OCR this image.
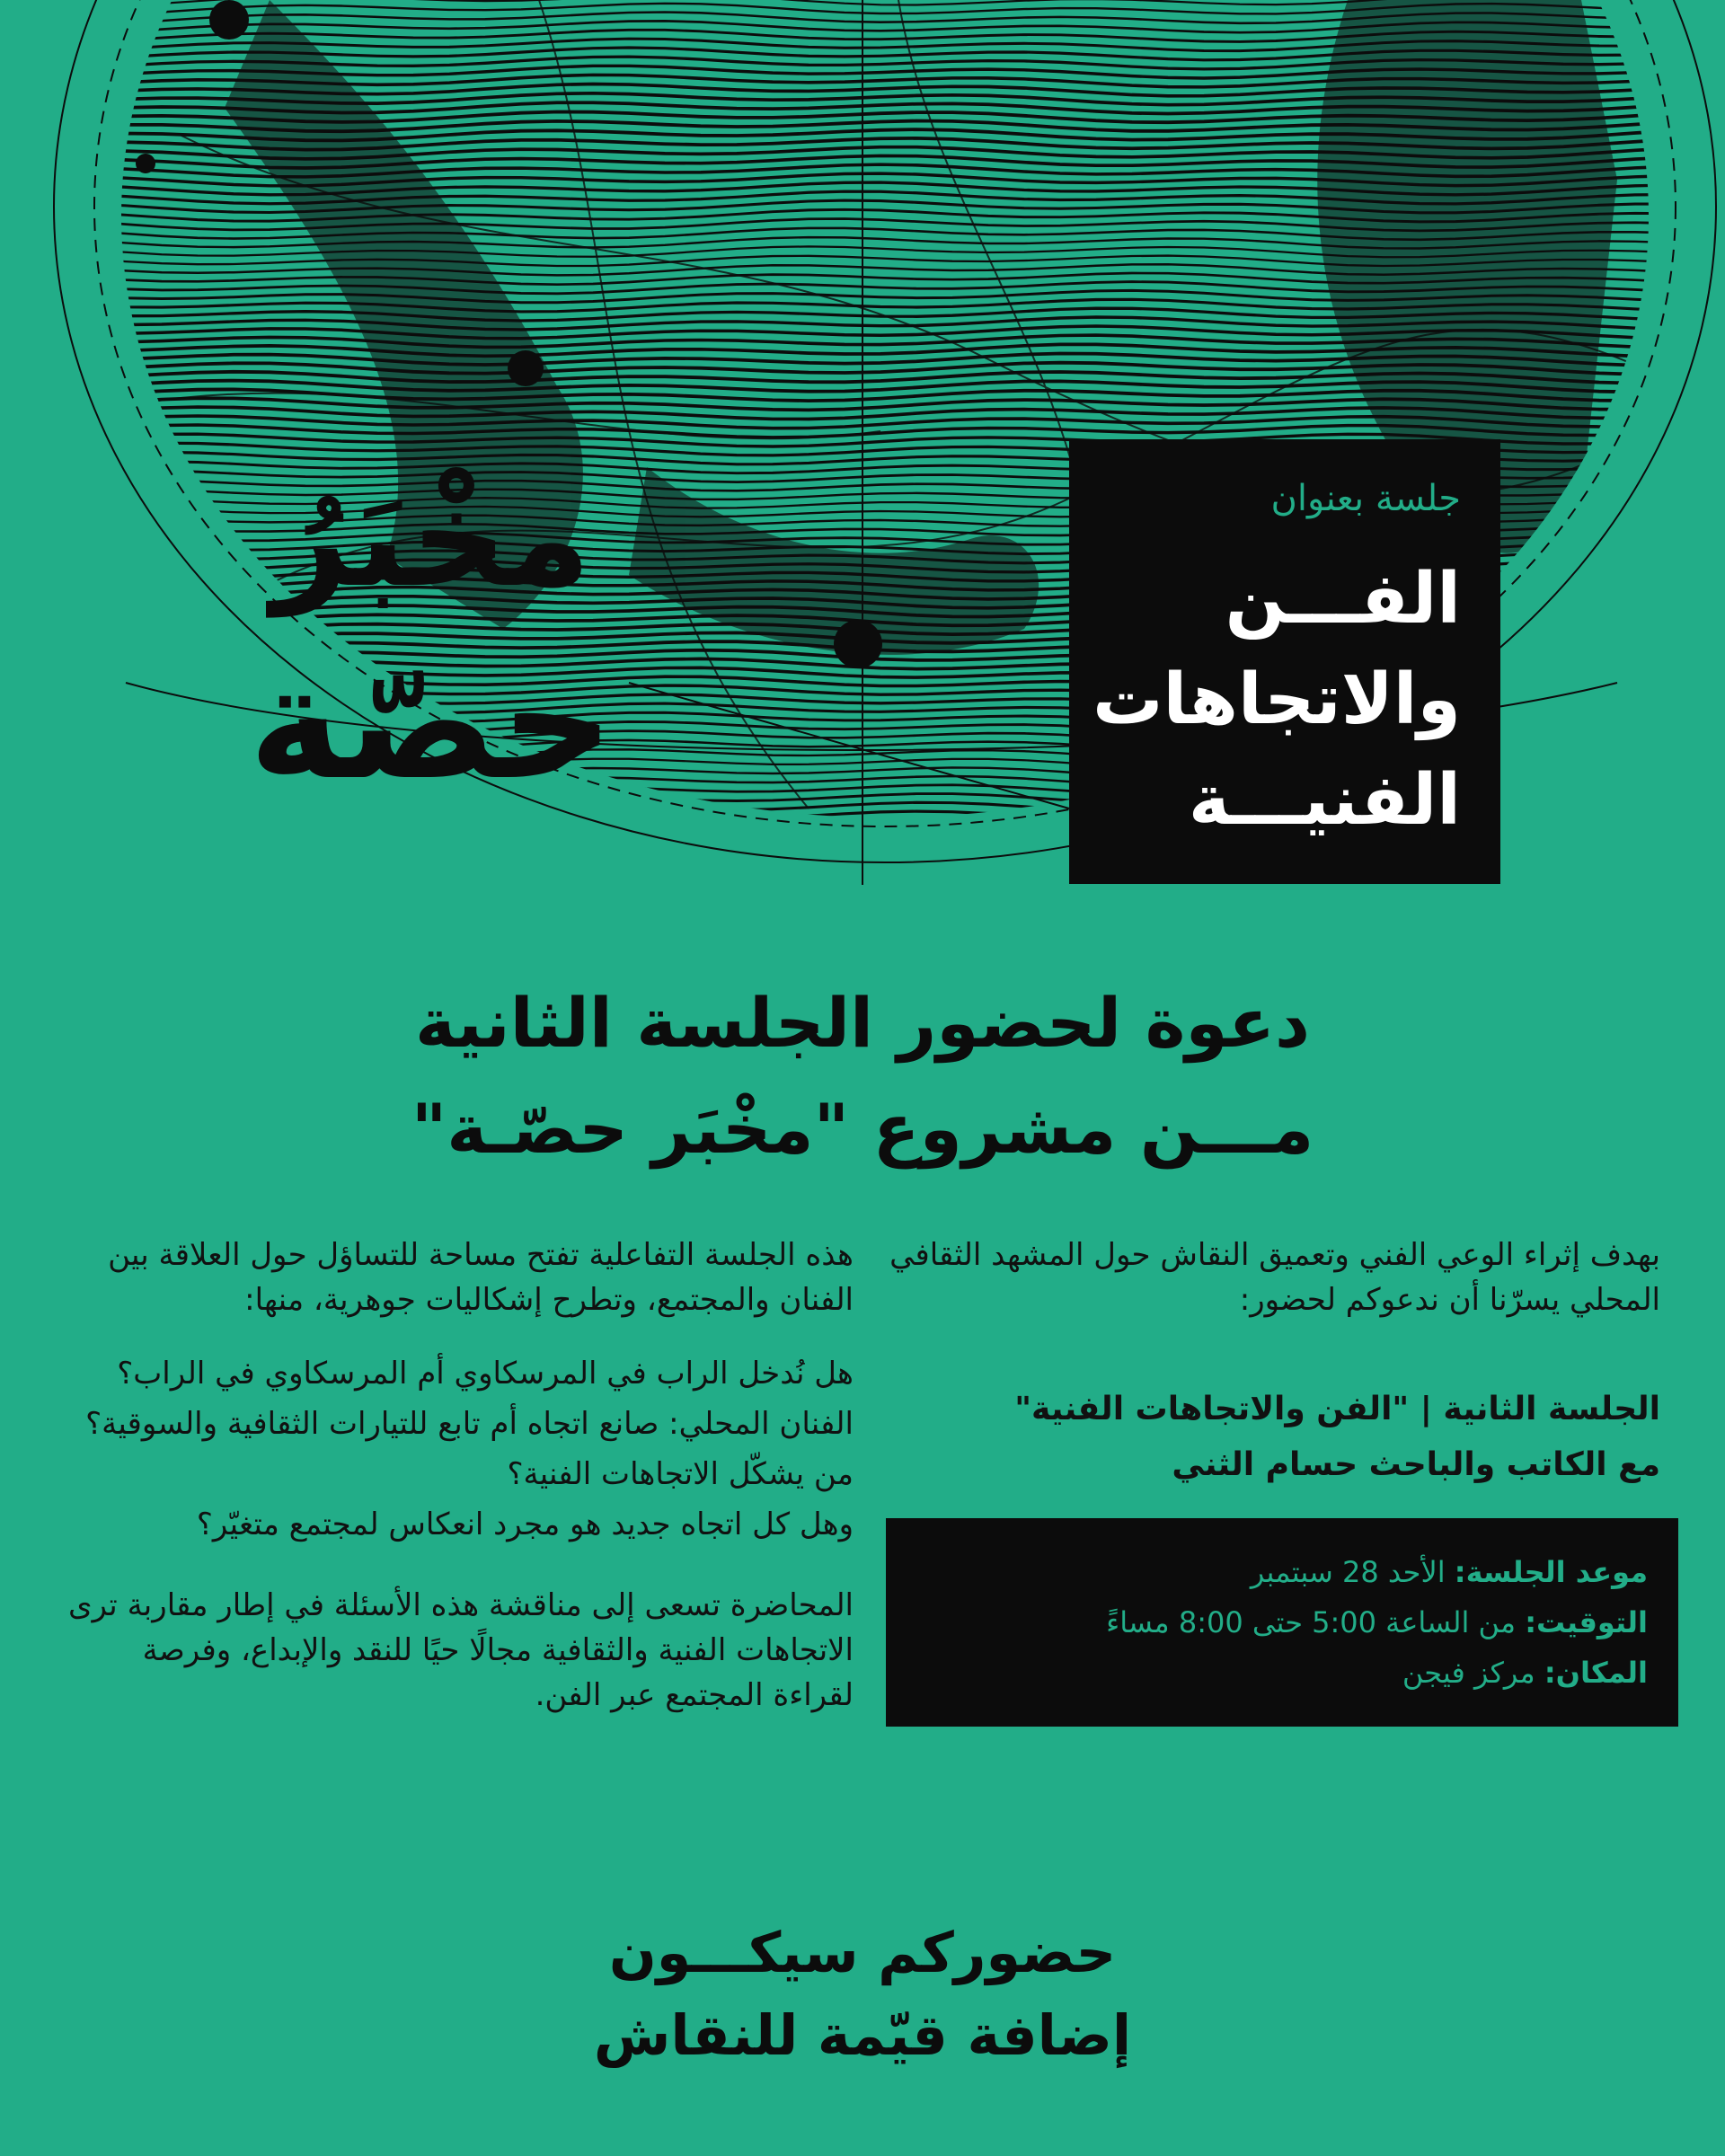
مخْبَرُ
حصّة
جلسة بعنوان
الفـــن
والاتجاهات
الفنيـــة
دعوة لحضور الجلسة الثانية
مـــن مشروع "مخْبَر حصّـة"

بهدف إثراء الوعي الفني وتعميق النقاش حول المشهد الثقافي المحلي يسرّنا أن ندعوكم لحضور:

الجلسة الثانية | "الفن والاتجاهات الفنية"
مع الكاتب والباحث حسام الثني

موعد الجلسة: الأحد 28 سبتمبر
التوقيت: من الساعة 5:00 حتى 8:00 مساءً
المكان: مركز فيجن

هذه الجلسة التفاعلية تفتح مساحة للتساؤل حول العلاقة بين الفنان والمجتمع، وتطرح إشكاليات جوهرية، منها:

هل نُدخل الراب في المرسكاوي أم المرسكاوي في الراب؟

الفنان المحلي: صانع اتجاه أم تابع للتيارات الثقافية والسوقية؟

من يشكّل الاتجاهات الفنية؟

وهل كل اتجاه جديد هو مجرد انعكاس لمجتمع متغيّر؟

المحاضرة تسعى إلى مناقشة هذه الأسئلة في إطار مقاربة ترى الاتجاهات الفنية والثقافية مجالًا حيًا للنقد والإبداع، وفرصة لقراءة المجتمع عبر الفن.

حضوركم سيكـــون
إضافة قيّمة للنقاش
